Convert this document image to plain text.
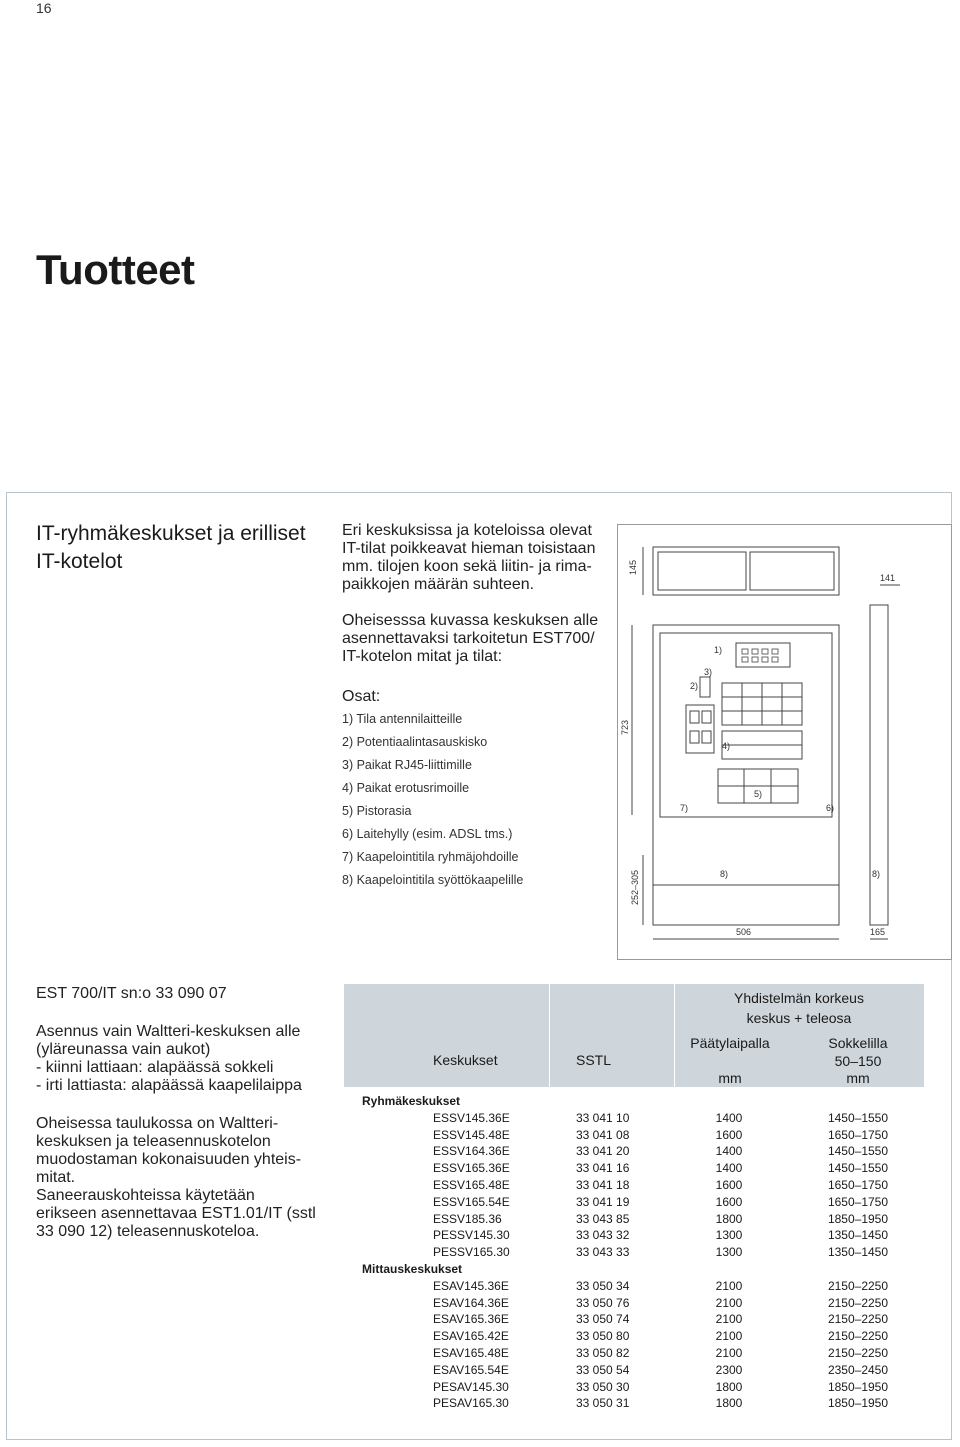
16
Tuotteet
IT-ryhmäkeskukset ja erilliset IT-kotelot

Eri keskuksissa ja koteloissa olevat IT-tilat poikkeavat hieman toisistaan mm. tilojen koon sekä liitin- ja rima-paikkojen määrän suhteen.

Oheisesssa kuvassa keskuksen alle asennettavaksi tarkoitetun EST700/ IT-kotelon mitat ja tilat:

Osat:
1) Tila antennilaitteille
2) Potentiaalintasauskisko
3) Paikat RJ45-liittimille
4) Paikat erotusrimoille
5) Pistorasia
6) Laitehylly (esim. ADSL tms.)
7) Kaapelointitila ryhmäjohdoille
8) Kaapelointitila syöttökaapelille
145
141
723
252–305
506	165
1)
2)
3)
4)
5)
6)
7)
8)	8)

EST 700/IT sn:o 33 090 07

Asennus vain Waltteri-keskuksen alle

(yläreunassa vain aukot)

- kiinni lattiaan: alapäässä sokkeli

- irti lattiasta: alapäässä kaapelilaippa

Oheisessa taulukossa on Waltteri-keskuksen ja teleasennuskotelon muodostaman kokonaisuuden yhteis-mitat.

Saneerauskohteissa käytetään erikseen asennettavaa EST1.01/IT (sstl 33 090 12) teleasennuskoteloa.

Keskukset	SSTL
Yhdistelmän korkeus
keskus + teleosa
Päätylaipalla
mm
Sokkelilla
50–150
mm
Ryhmäkeskukset
ESSV145.36E	33 041 10	1400	1450–1550
ESSV145.48E	33 041 08	1600	1650–1750
ESSV164.36E	33 041 20	1400	1450–1550
ESSV165.36E	33 041 16	1400	1450–1550
ESSV165.48E	33 041 18	1600	1650–1750
ESSV165.54E	33 041 19	1600	1650–1750
ESSV185.36	33 043 85	1800	1850–1950
PESSV145.30	33 043 32	1300	1350–1450
PESSV165.30	33 043 33	1300	1350–1450
Mittauskeskukset
ESAV145.36E	33 050 34	2100	2150–2250
ESAV164.36E	33 050 76	2100	2150–2250
ESAV165.36E	33 050 74	2100	2150–2250
ESAV165.42E	33 050 80	2100	2150–2250
ESAV165.48E	33 050 82	2100	2150–2250
ESAV165.54E	33 050 54	2300	2350–2450
PESAV145.30	33 050 30	1800	1850–1950
PESAV165.30	33 050 31	1800	1850–1950
